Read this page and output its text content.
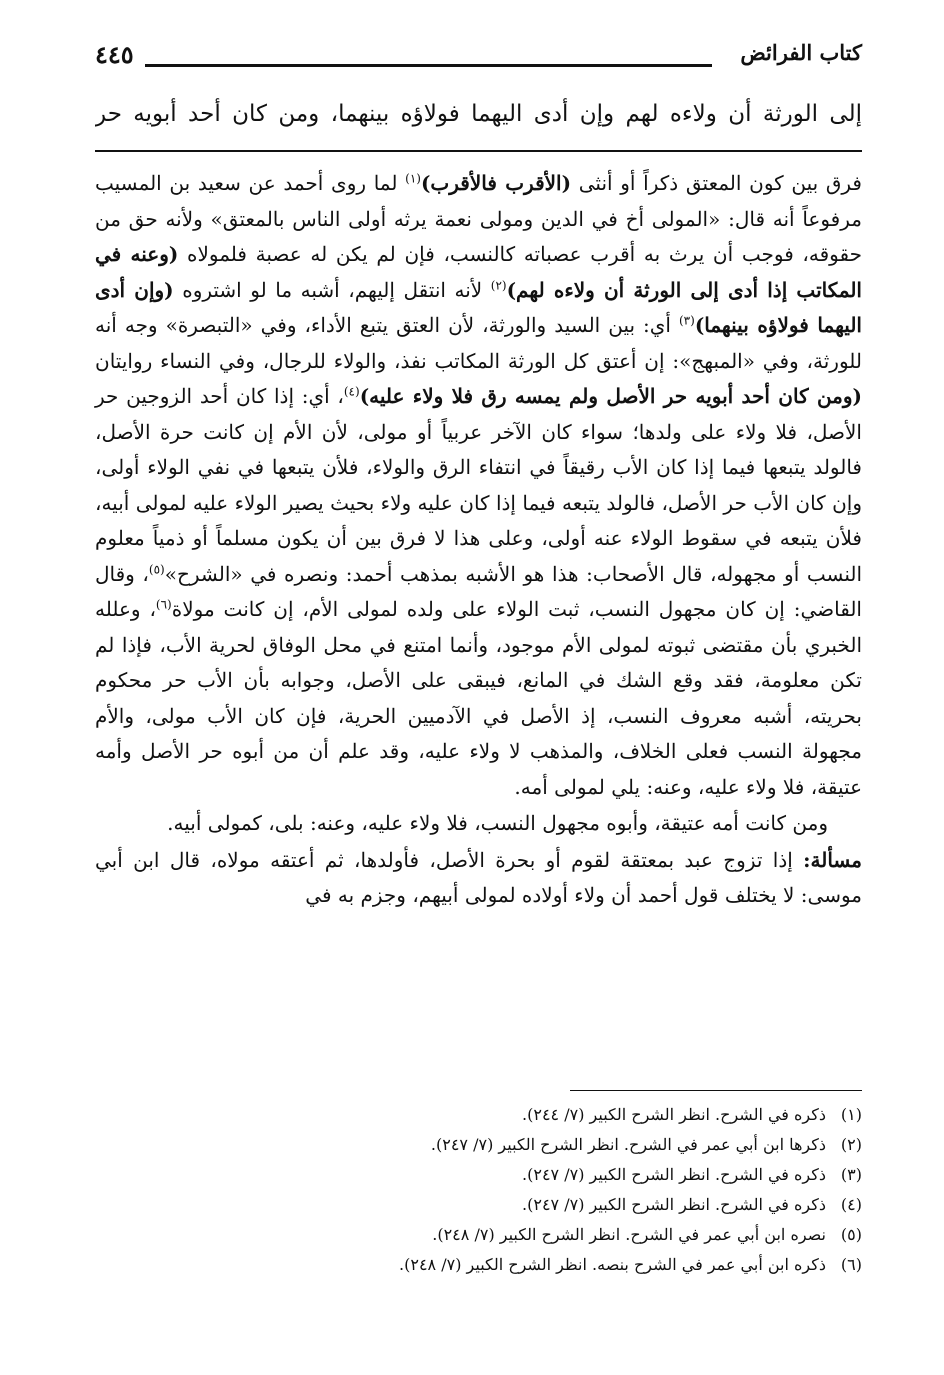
كتاب الفرائض
٤٤٥
إلى الورثة أن ولاءه لهم وإن أدى اليهما فولاؤه بينهما، ومن كان أحد أبويه حر

فرق بين كون المعتق ذكراً أو أنثى (الأقرب فالأقرب)$^{(١)}$ لما روى أحمد عن سعيد بن المسيب مرفوعاً أنه قال: «المولى أخ في الدين ومولى نعمة يرثه أولى الناس بالمعتق» ولأنه حق من حقوقه، فوجب أن يرث به أقرب عصباته كالنسب، فإن لم يكن له عصبة فلمولاه (وعنه في المكاتب إذا أدى إلى الورثة أن ولاءه لهم)$^{(٢)}$ لأنه انتقل إليهم، أشبه ما لو اشتروه (وإن أدى اليهما فولاؤه بينهما)$^{(٣)}$ أي: بين السيد والورثة، لأن العتق يتبع الأداء، وفي «التبصرة» وجه أنه للورثة، وفي «المبهج»: إن أعتق كل الورثة المكاتب نفذ، والولاء للرجال، وفي النساء روايتان (ومن كان أحد أبويه حر الأصل ولم يمسه رق فلا ولاء عليه)$^{(٤)}$، أي: إذا كان أحد الزوجين حر الأصل، فلا ولاء على ولدها؛ سواء كان الآخر عربياً أو مولى، لأن الأم إن كانت حرة الأصل، فالولد يتبعها فيما إذا كان الأب رقيقاً في انتفاء الرق والولاء، فلأن يتبعها في نفي الولاء أولى، وإن كان الأب حر الأصل، فالولد يتبعه فيما إذا كان عليه ولاء بحيث يصير الولاء عليه لمولى أبيه، فلأن يتبعه في سقوط الولاء عنه أولى، وعلى هذا لا فرق بين أن يكون مسلماً أو ذمياً معلوم النسب أو مجهوله، قال الأصحاب: هذا هو الأشبه بمذهب أحمد: ونصره في «الشرح»$^{(٥)}$، وقال القاضي: إن كان مجهول النسب، ثبت الولاء على ولده لمولى الأم، إن كانت مولاة$^{(٦)}$، وعلله الخبري بأن مقتضى ثبوته لمولى الأم موجود، وأنما امتنع في محل الوفاق لحرية الأب، فإذا لم تكن معلومة، فقد وقع الشك في المانع، فيبقى على الأصل، وجوابه بأن الأب حر محكوم بحريته، أشبه معروف النسب، إذ الأصل في الآدميين الحرية، فإن كان الأب مولى، والأم مجهولة النسب فعلى الخلاف، والمذهب لا ولاء عليه، وقد علم أن من أبوه حر الأصل وأمه عتيقة، فلا ولاء عليه، وعنه: يلي لمولى أمه.

ومن كانت أمه عتيقة، وأبوه مجهول النسب، فلا ولاء عليه، وعنه: بلى، كمولى أبيه.

مسألة: إذا تزوج عبد بمعتقة لقوم أو بحرة الأصل، فأولدها، ثم أعتقه مولاه، قال ابن أبي موسى: لا يختلف قول أحمد أن ولاء أولاده لمولى أبيهم، وجزم به في

(١)ذكره في الشرح. انظر الشرح الكبير (٧/ ٢٤٤).
(٢)ذكرها ابن أبي عمر في الشرح. انظر الشرح الكبير (٧/ ٢٤٧).
(٣)ذكره في الشرح. انظر الشرح الكبير (٧/ ٢٤٧).
(٤)ذكره في الشرح. انظر الشرح الكبير (٧/ ٢٤٧).
(٥)نصره ابن أبي عمر في الشرح. انظر الشرح الكبير (٧/ ٢٤٨).
(٦)ذكره ابن أبي عمر في الشرح بنصه. انظر الشرح الكبير (٧/ ٢٤٨).
